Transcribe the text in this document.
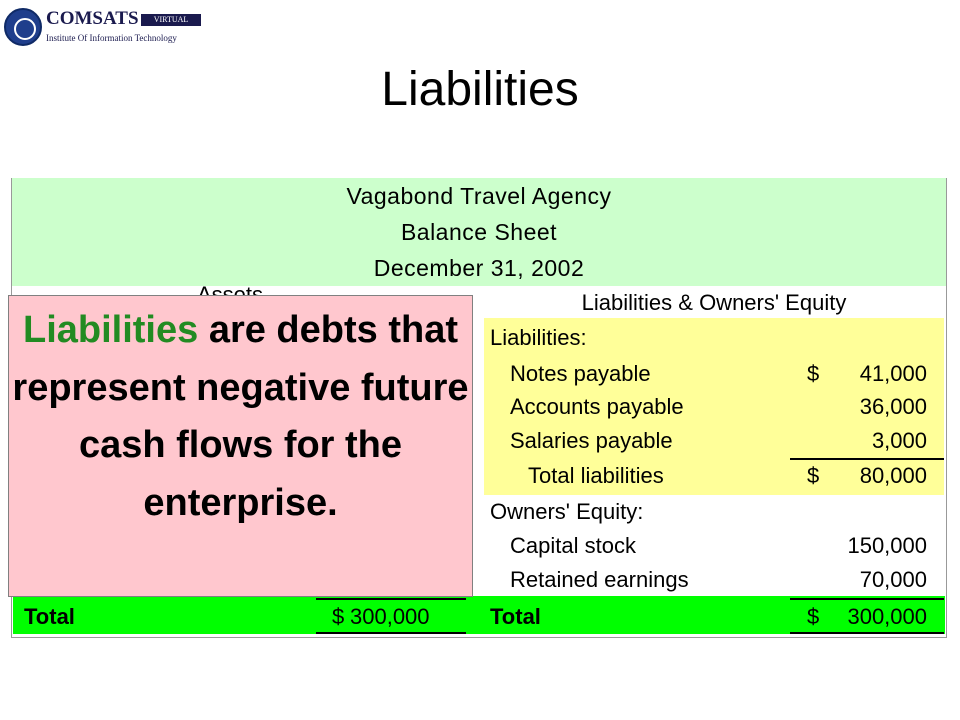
COMSATS	VIRTUAL CAMPUS
Institute Of Information Technology
Liabilities
Vagabond Travel Agency
Balance Sheet
December 31, 2002
Liabilities & Owners' Equity
Liabilities:
Notes payable	$ 41,000
Accounts payable	36,000
Salaries payable	3,000
Total liabilities	$ 80,000
Owners' Equity:
Capital stock	150,000
Retained earnings	70,000
Total	$ 300,000	Total	$ 300,000
Liabilities are debts that represent negative future cash flows for the enterprise.
